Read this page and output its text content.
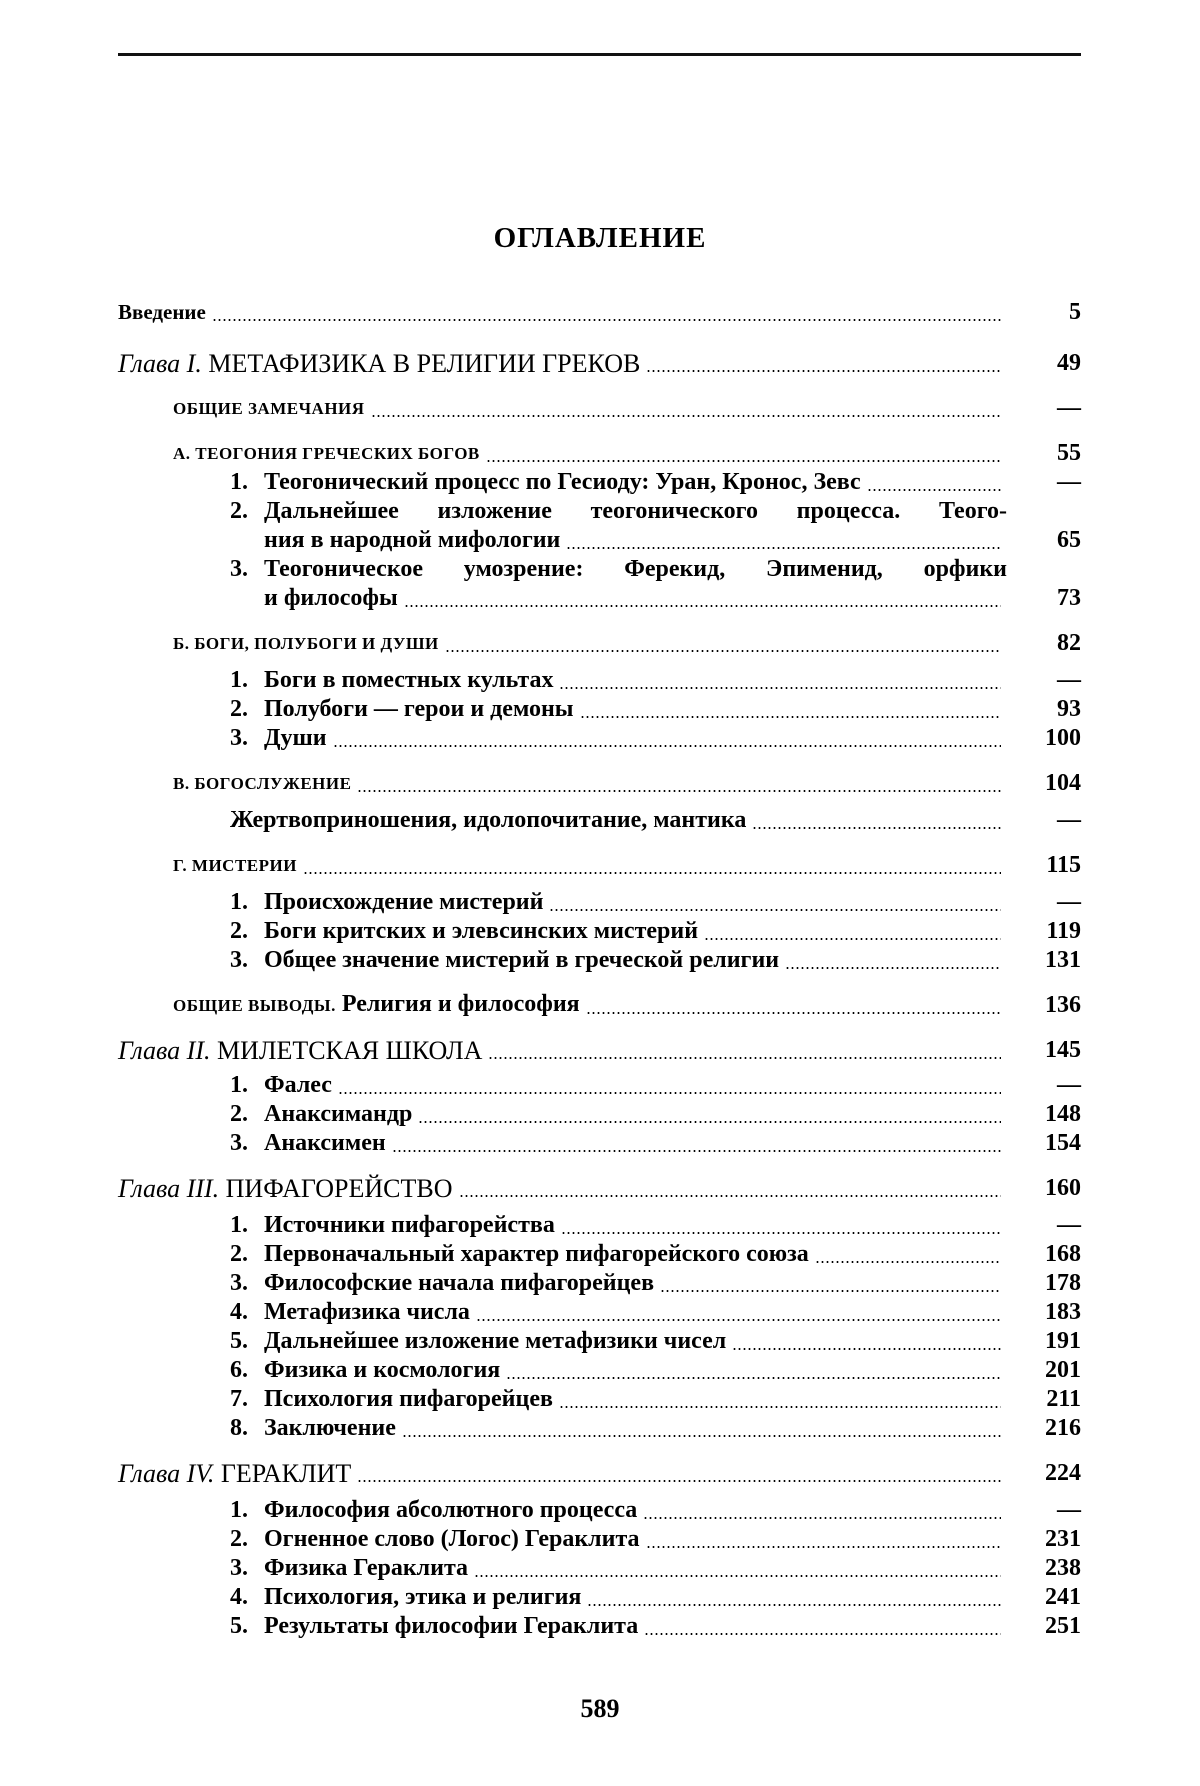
ОГЛАВЛЕНИЕ
Введение	5
Глава I. МЕТАФИЗИКА В РЕЛИГИИ ГРЕКОВ	49
ОБЩИЕ ЗАМЕЧАНИЯ	—
А. ТЕОГОНИЯ ГРЕЧЕСКИХ БОГОВ	55
1. Теогонический процесс по Гесиоду: Уран, Кронос, Зевс	—
2. Дальнейшее изложение теогонического процесса. Теого-
ния в народной мифологии	65
3. Теогоническое умозрение: Ферекид, Эпименид, орфики
и философы	73
Б. БОГИ, ПОЛУБОГИ И ДУШИ	82
1. Боги в поместных культах	—
2. Полубоги — герои и демоны	93
3. Души	100
В. БОГОСЛУЖЕНИЕ	104
Жертвоприношения, идолопочитание, мантика	—
Г. МИСТЕРИИ	115
1. Происхождение мистерий	—
2. Боги критских и элевсинских мистерий	119
3. Общее значение мистерий в греческой религии	131
ОБЩИЕ ВЫВОДЫ. Религия и философия	136
Глава II. МИЛЕТСКАЯ ШКОЛА	145
1. Фалес	—
2. Анаксимандр	148
3. Анаксимен	154
Глава III. ПИФАГОРЕЙСТВО	160
1. Источники пифагорейства	—
2. Первоначальный характер пифагорейского союза	168
3. Философские начала пифагорейцев	178
4. Метафизика числа	183
5. Дальнейшее изложение метафизики чисел	191
6. Физика и космология	201
7. Психология пифагорейцев	211
8. Заключение	216
Глава IV. ГЕРАКЛИТ	224
1. Философия абсолютного процесса	—
2. Огненное слово (Логос) Гераклита	231
3. Физика Гераклита	238
4. Психология, этика и религия	241
5. Результаты философии Гераклита	251
589
